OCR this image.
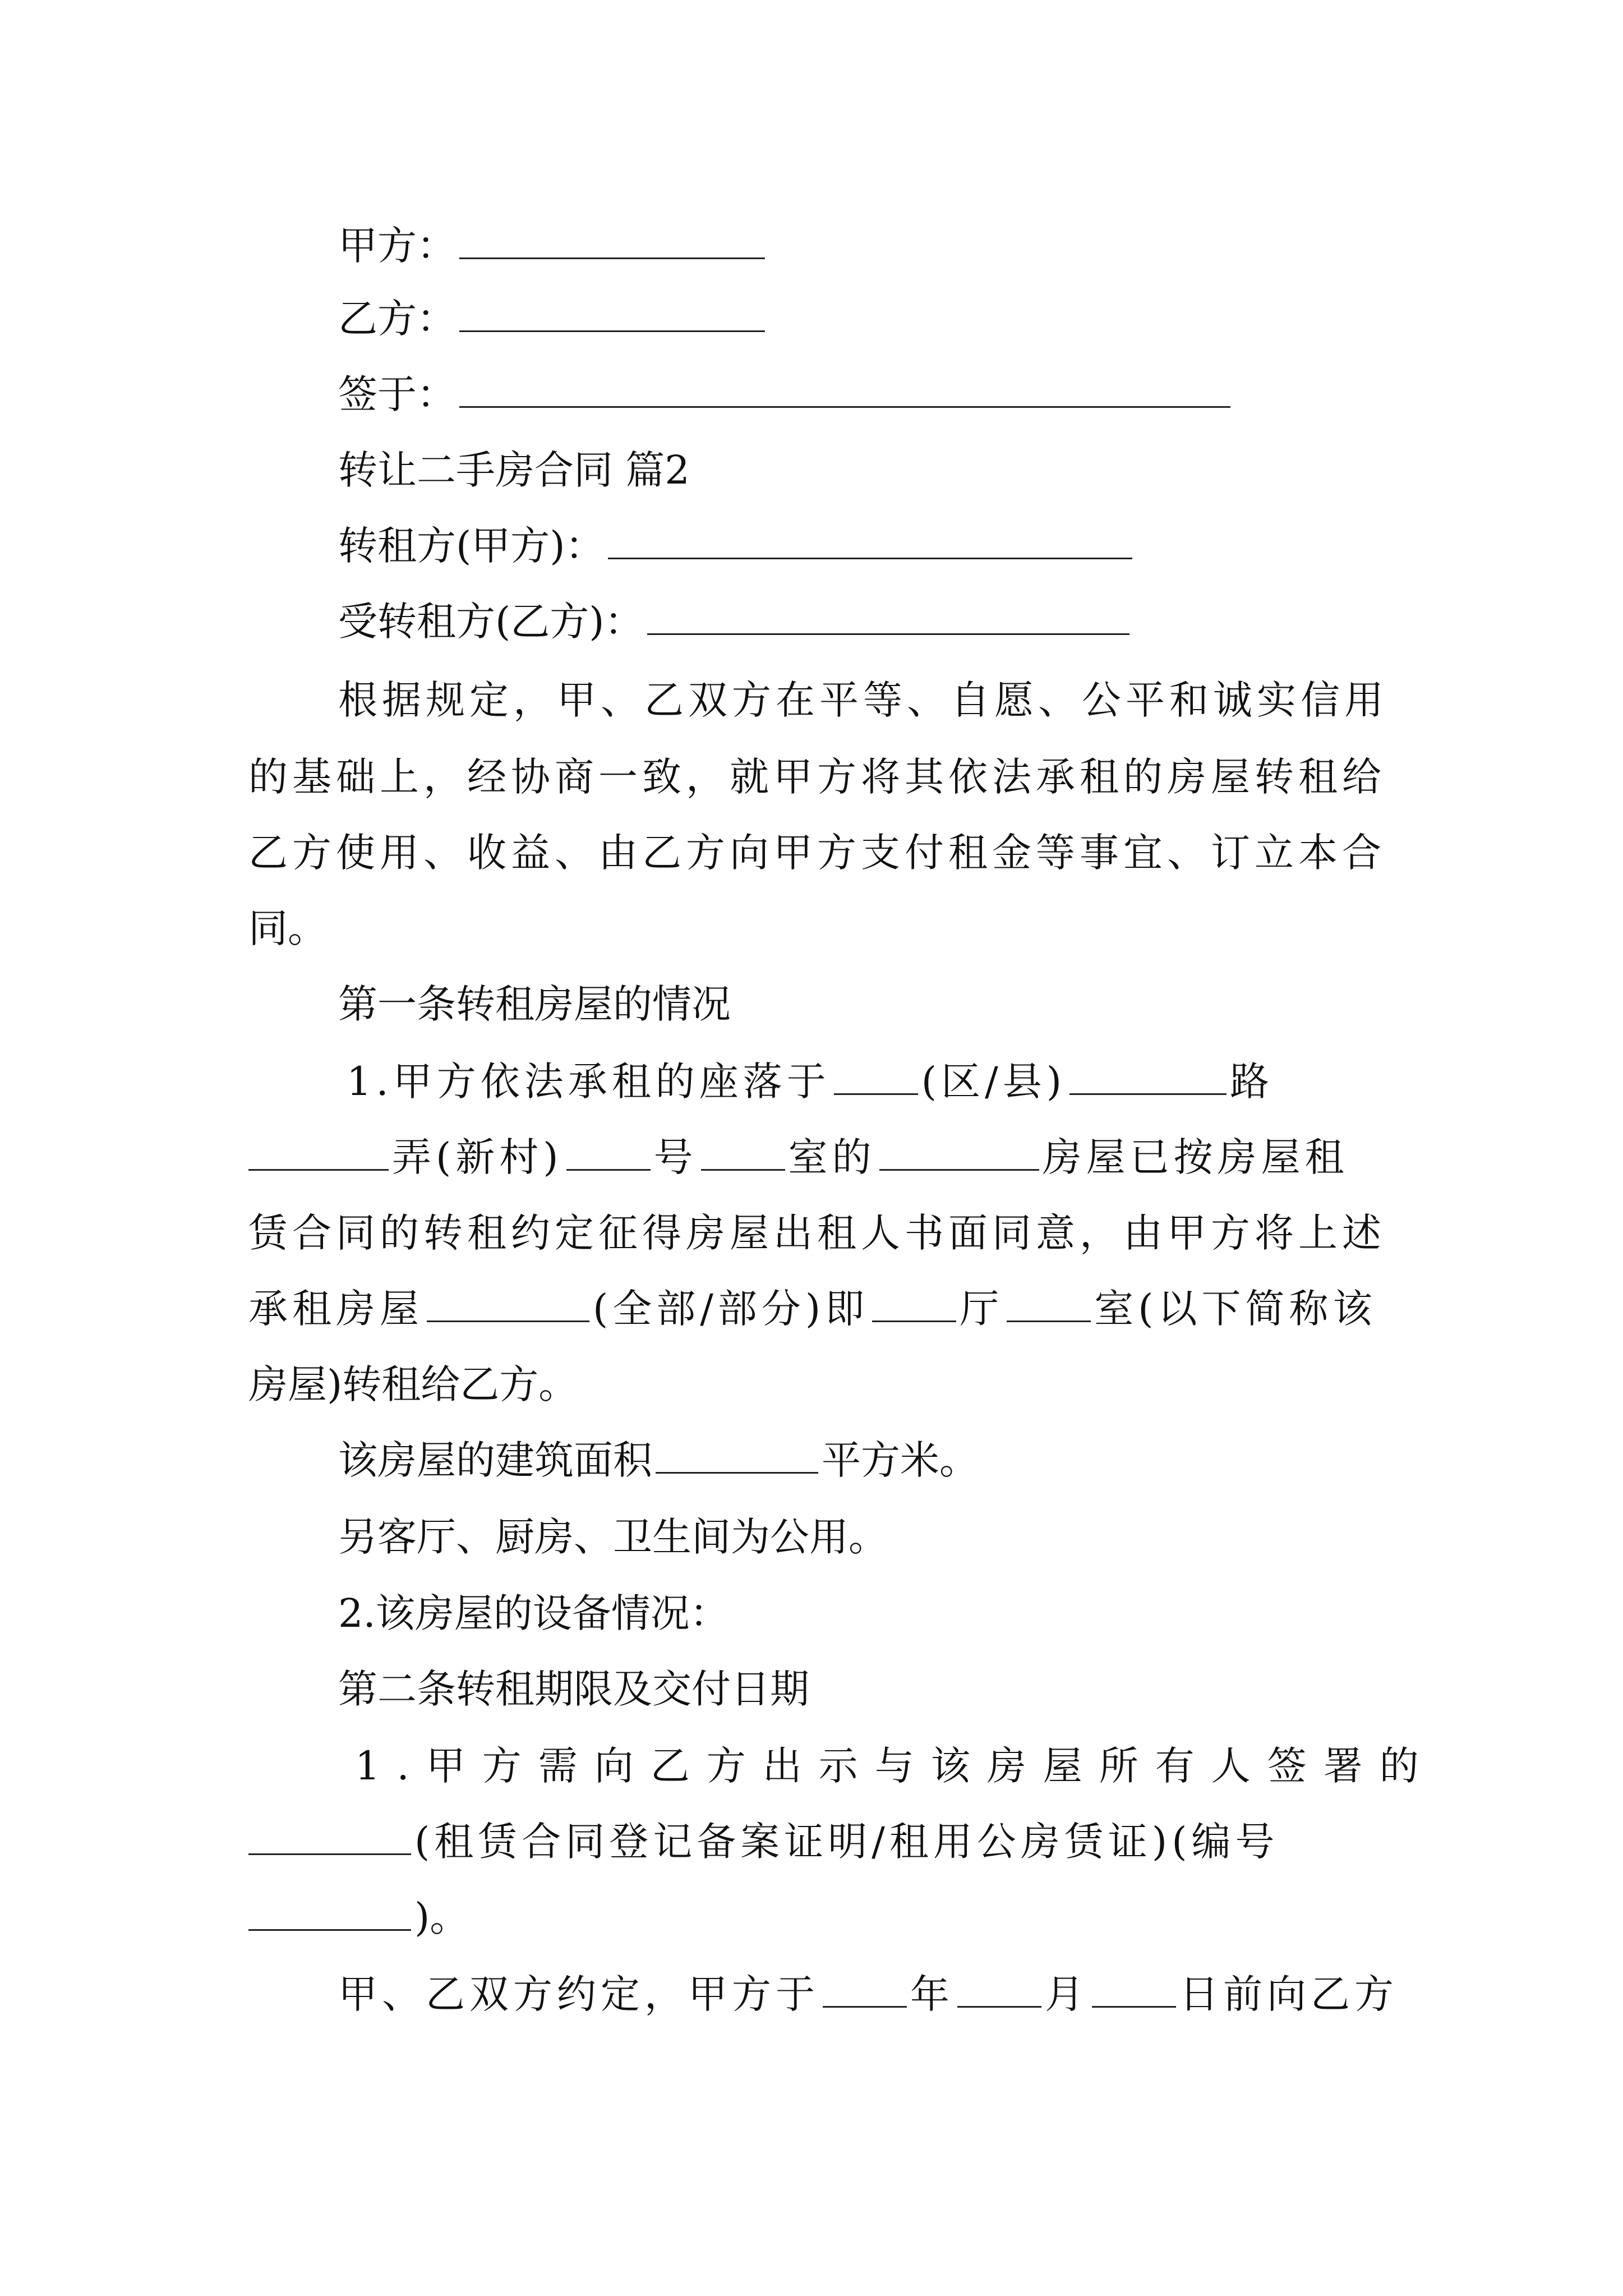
甲方：
乙方：
签于：
转让二手房合同 篇2
转租方(甲方)：
受转租方(乙方)：
根据规定，甲、乙双方在平等、自愿、公平和诚实信用
的基础上，经协商一致，就甲方将其依法承租的房屋转租给
乙方使用、收益、由乙方向甲方支付租金等事宜、订立本合
同。
第一条转租房屋的情况
1.甲方依法承租的座落于 (区/县)	路
弄(新村) 号 室的	房屋已按房屋租
赁合同的转租约定征得房屋出租人书面同意，由甲方将上述
承租房屋	(全部/部分)即 厅 室(以下简称该
房屋)转租给乙方。
该房屋的建筑面积	平方米。
另客厅、厨房、卫生间为公用。
2.该房屋的设备情况：
第二条转租期限及交付日期
1.甲方需向乙方出示与该房屋所有人签署的
(租赁合同登记备案证明/租用公房赁证)(编号
)。
甲、乙双方约定，甲方于 年 月 日前向乙方
